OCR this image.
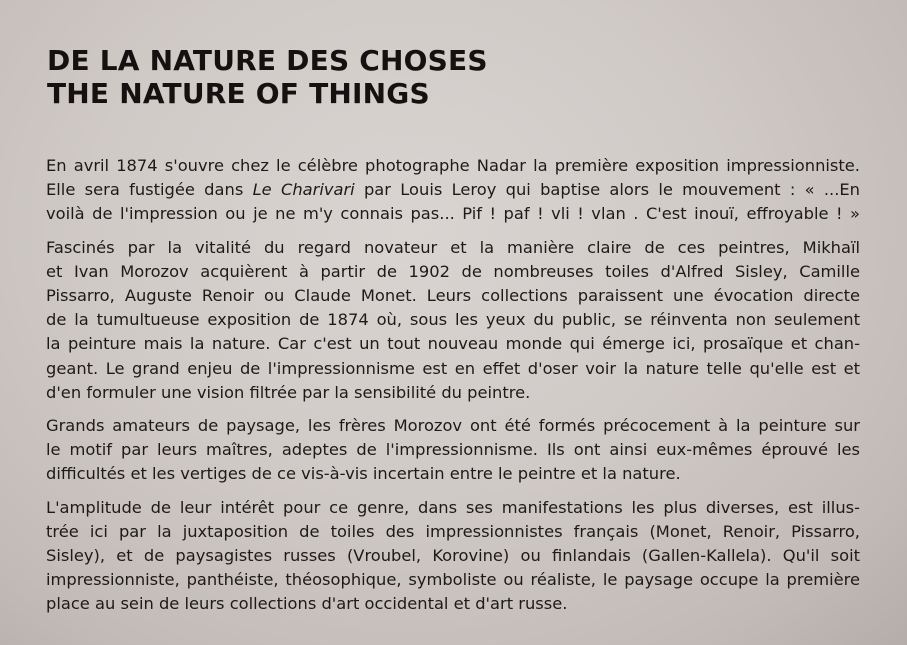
DE LA NATURE DES CHOSES
THE NATURE OF THINGS

En avril 1874 s'ouvre chez le célèbre photographe Nadar la première exposition impressionniste.
Elle sera fustigée dans Le Charivari par Louis Leroy qui baptise alors le mouvement : « ...En
voilà de l'impression ou je ne m'y connais pas... Pif ! paf ! vli ! vlan . C'est inouï, effroyable ! »

Fascinés par la vitalité du regard novateur et la manière claire de ces peintres, Mikhaïl
et Ivan Morozov acquièrent à partir de 1902 de nombreuses toiles d'Alfred Sisley, Camille
Pissarro, Auguste Renoir ou Claude Monet. Leurs collections paraissent une évocation directe
de la tumultueuse exposition de 1874 où, sous les yeux du public, se réinventa non seulement
la peinture mais la nature. Car c'est un tout nouveau monde qui émerge ici, prosaïque et chan-
geant. Le grand enjeu de l'impressionnisme est en effet d'oser voir la nature telle qu'elle est et
d'en formuler une vision filtrée par la sensibilité du peintre.

Grands amateurs de paysage, les frères Morozov ont été formés précocement à la peinture sur
le motif par leurs maîtres, adeptes de l'impressionnisme. Ils ont ainsi eux-mêmes éprouvé les
difficultés et les vertiges de ce vis-à-vis incertain entre le peintre et la nature.

L'amplitude de leur intérêt pour ce genre, dans ses manifestations les plus diverses, est illus-
trée ici par la juxtaposition de toiles des impressionnistes français (Monet, Renoir, Pissarro,
Sisley), et de paysagistes russes (Vroubel, Korovine) ou finlandais (Gallen-Kallela). Qu'il soit
impressionniste, panthéiste, théosophique, symboliste ou réaliste, le paysage occupe la première
place au sein de leurs collections d'art occidental et d'art russe.
